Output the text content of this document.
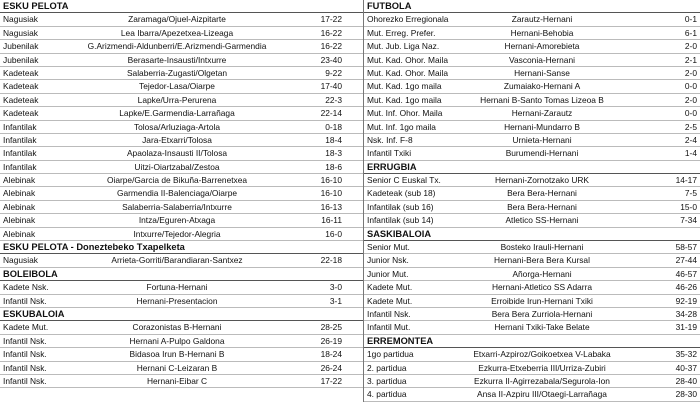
ESKU PELOTA
Nagusiak	Zaramaga/Ojuel-Aizpitarte	17-22
Nagusiak	Lea Ibarra/Apezetxea-Lizeaga	16-22
Jubenilak	G.Arizmendi-Aldunberri/E.Arizmendi-Garmendia	16-22
Jubenilak	Berasarte-Insausti/Intxurre	23-40
Kadeteak	Salaberria-Zugasti/Olgetan	9-22
Kadeteak	Tejedor-Lasa/Oiarpe	17-40
Kadeteak	Lapke/Urra-Perurena	22-3
Kadeteak	Lapke/E.Garmendia-Larrañaga	22-14
Infantilak	Tolosa/Arluziaga-Artola	0-18
Infantilak	Jara-Etxarri/Tolosa	18-4
Infantilak	Apaolaza-Insausti II/Tolosa	18-3
Infantilak	Uitzi-Oiartzabal/Zestoa	18-6
Alebinak	Oiarpe/Garcia de Bikuña-Barrenetxea	16-10
Alebinak	Garmendia II-Balenciaga/Oiarpe	16-10
Alebinak	Salaberria-Salaberria/Intxurre	16-13
Alebinak	Intza/Eguren-Atxaga	16-11
Alebinak	Intxurre/Tejedor-Alegria	16-0
ESKU PELOTA - Doneztebeko Txapelketa
Nagusiak	Arrieta-Gorriti/Barandiaran-Santxez	22-18
BOLEIBOLA
Kadete Nsk.	Fortuna-Hernani	3-0
Infantil Nsk.	Hernani-Presentacion	3-1
ESKUBALOIA
Kadete Mut.	Corazonistas B-Hernani	28-25
Infantil Nsk.	Hernani A-Pulpo Galdona	26-19
Infantil Nsk.	Bidasoa Irun B-Hernani B	18-24
Infantil Nsk.	Hernani C-Leizaran B	26-24
Infantil Nsk.	Hernani-Eibar C	17-22
FUTBOLA
Ohorezko Erregionala	Zarautz-Hernani	0-1
Mut. Erreg. Prefer.	Hernani-Behobia	6-1
Mut. Jub. Liga Naz.	Hernani-Amorebieta	2-0
Mut. Kad. Ohor. Maila	Vasconia-Hernani	2-1
Mut. Kad. Ohor. Maila	Hernani-Sanse	2-0
Mut. Kad. 1go maila	Zumaiako-Hernani A	0-0
Mut. Kad. 1go maila	Hernani B-Santo Tomas Lizeoa B	2-0
Mut. Inf. Ohor. Maila	Hernani-Zarautz	0-0
Mut. Inf. 1go maila	Hernani-Mundarro B	2-5
Nsk. Inf. F-8	Urnieta-Hernani	2-4
Infantil Txiki	Burumendi-Hernani	1-4
ERRUGBIA
Senior C Euskal Tx.	Hernani-Zornotzako URK	14-17
Kadeteak (sub 18)	Bera Bera-Hernani	7-5
Infantilak (sub 16)	Bera Bera-Hernani	15-0
Infantilak (sub 14)	Atletico SS-Hernani	7-34
SASKIBALOIA
Senior Mut.	Bosteko Irauli-Hernani	58-57
Junior Nsk.	Hernani-Bera Bera Kursal	27-44
Junior Mut.	Añorga-Hernani	46-57
Kadete Mut.	Hernani-Atletico SS Adarra	46-26
Kadete Mut.	Erroibide Irun-Hernani Txiki	92-19
Infantil Nsk.	Bera Bera Zurriola-Hernani	34-28
Infantil Mut.	Hernani Txiki-Take Belate	31-19
ERREMONTEA
1go partidua	Etxarri-Azpiroz/Goikoetxea V-Labaka	35-32
2. partidua	Ezkurra-Etxeberria III/Urriza-Zubiri	40-37
3. partidua	Ezkurra II-Agirrezabala/Segurola-Ion	28-40
4. partidua	Ansa II-Azpiru III/Otaegi-Larrañaga	28-30
